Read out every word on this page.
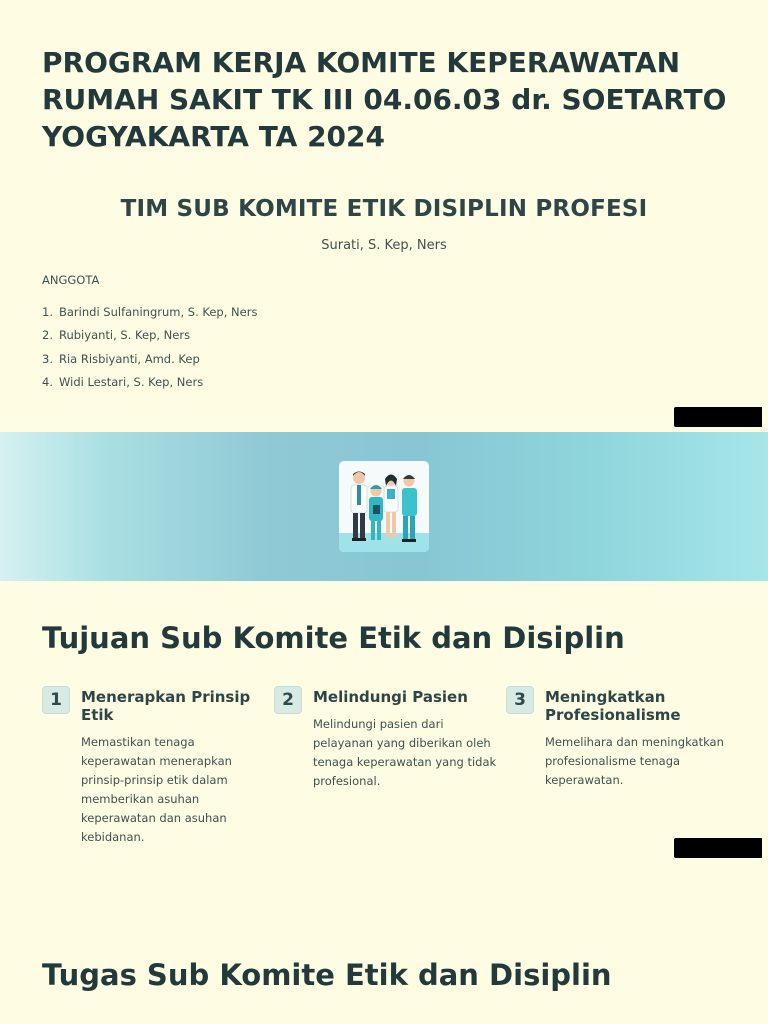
PROGRAM KERJA KOMITE KEPERAWATAN RUMAH SAKIT TK III 04.06.03 dr. SOETARTO YOGYAKARTA TA 2024
TIM SUB KOMITE ETIK DISIPLIN PROFESI
Surati, S. Kep, Ners
ANGGOTA
1. Barindi Sulfaningrum, S. Kep, Ners
2. Rubiyanti, S. Kep, Ners
3. Ria Risbiyanti, Amd. Kep
4. Widi Lestari, S. Kep, Ners
Tujuan Sub Komite Etik dan Disiplin
1	Menerapkan Prinsip Etik

Memastikan tenaga keperawatan menerapkan prinsip-prinsip etik dalam memberikan asuhan keperawatan dan asuhan kebidanan.

2	Melindungi Pasien

Melindungi pasien dari pelayanan yang diberikan oleh tenaga keperawatan yang tidak profesional.

3	Meningkatkan Profesionalisme

Memelihara dan meningkatkan profesionalisme tenaga keperawatan.

Tugas Sub Komite Etik dan Disiplin
